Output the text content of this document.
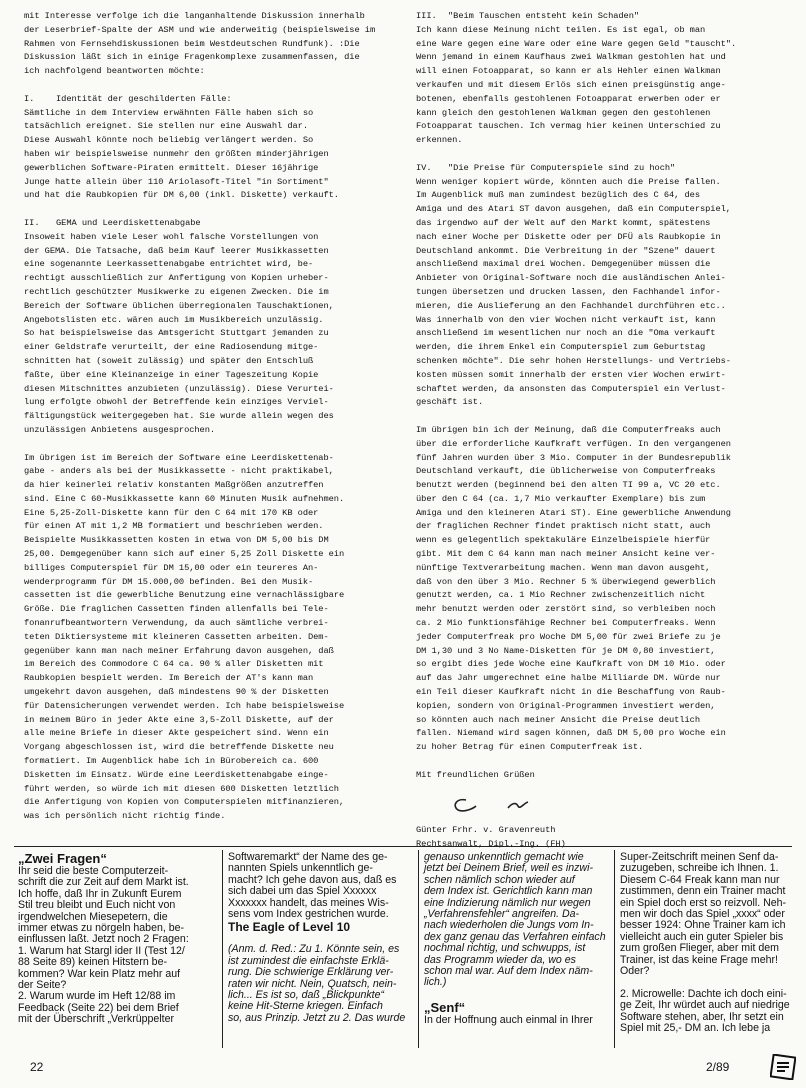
mit Interesse verfolge ich die langanhaltende Diskussion innerhalb
der Leserbrief-Spalte der ASM und wie anderweitig (beispielsweise im
Rahmen von Fernsehdiskussionen beim Westdeutschen Rundfunk). :Die
Diskussion läßt sich in einige Fragenkomplexe zusammenfassen, die
ich nachfolgend beantworten möchte:
I. Identität der geschilderten Fälle:
Sämtliche in dem Interview erwähnten Fälle haben sich so
tatsächlich ereignet. Sie stellen nur eine Auswahl dar.
Diese Auswahl könnte noch beliebig verlängert werden. So
haben wir beispielsweise nunmehr den größten minderjährigen
gewerblichen Software-Piraten ermittelt. Dieser 16jährige
Junge hatte allein über 110 Ariolasoft-Titel "in Sortiment"
und hat die Raubkopien für DM 6,00 (inkl. Diskette) verkauft.
II. GEMA und Leerdiskettenabgabe
Insoweit haben viele Leser wohl falsche Vorstellungen von
der GEMA. Die Tatsache, daß beim Kauf leerer Musikkassetten
eine sogenannte Leerkassettenabgabe entrichtet wird, be-
rechtigt ausschließlich zur Anfertigung von Kopien urheber-
rechtlich geschützter Musikwerke zu eigenen Zwecken. Die im
Bereich der Software üblichen überregionalen Tauschaktionen,
Angebotslisten etc. wären auch im Musikbereich unzulässig.
So hat beispielsweise das Amtsgericht Stuttgart jemanden zu
einer Geldstrafe verurteilt, der eine Radiosendung mitge-
schnitten hat (soweit zulässig) und später den Entschluß
faßte, über eine Kleinanzeige in einer Tageszeitung Kopie
diesen Mitschnittes anzubieten (unzulässig). Diese Verurtei-
lung erfolgte obwohl der Betreffende kein einziges Verviel-
fältigungstück weitergegeben hat. Sie wurde allein wegen des
unzulässigen Anbietens ausgesprochen.
Im übrigen ist im Bereich der Software eine Leerdiskettenab-
gabe - anders als bei der Musikkassette - nicht praktikabel,
da hier keinerlei relativ konstanten Maßgrößen anzutreffen
sind. Eine C 60-Musikkassette kann 60 Minuten Musik aufnehmen.
Eine 5,25-Zoll-Diskette kann für den C 64 mit 170 KB oder
für einen AT mit 1,2 MB formatiert und beschrieben werden.
Beispielte Musikkassetten kosten in etwa von DM 5,00 bis DM
25,00. Demgegenüber kann sich auf einer 5,25 Zoll Diskette ein
billiges Computerspiel für DM 15,00 oder ein teureres An-
wenderprogramm für DM 15.000,00 befinden. Bei den Musik-
cassetten ist die gewerbliche Benutzung eine vernachlässigbare
Größe. Die fraglichen Cassetten finden allenfalls bei Tele-
fonanrufbeantwortern Verwendung, da auch sämtliche verbrei-
teten Diktiersysteme mit kleineren Cassetten arbeiten. Dem-
gegenüber kann man nach meiner Erfahrung davon ausgehen, daß
im Bereich des Commodore C 64 ca. 90 % aller Disketten mit
Raubkopien bespielt werden. Im Bereich der AT's kann man
umgekehrt davon ausgehen, daß mindestens 90 % der Disketten
für Datensicherungen verwendet werden. Ich habe beispielsweise
in meinem Büro in jeder Akte eine 3,5-Zoll Diskette, auf der
alle meine Briefe in dieser Akte gespeichert sind. Wenn ein
Vorgang abgeschlossen ist, wird die betreffende Diskette neu
formatiert. Im Augenblick habe ich in Bürobereich ca. 600
Disketten im Einsatz. Würde eine Leerdiskettenabgabe einge-
führt werden, so würde ich mit diesen 600 Disketten letztlich
die Anfertigung von Kopien von Computerspielen mitfinanzieren,
was ich persönlich nicht richtig finde.
III. "Beim Tauschen entsteht kein Schaden"
Ich kann diese Meinung nicht teilen. Es ist egal, ob man
eine Ware gegen eine Ware oder eine Ware gegen Geld "tauscht".
Wenn jemand in einem Kaufhaus zwei Walkman gestohlen hat und
will einen Fotoapparat, so kann er als Hehler einen Walkman
verkaufen und mit diesem Erlös sich einen preisgünstig ange-
botenen, ebenfalls gestohlenen Fotoapparat erwerben oder er
kann gleich den gestohlenen Walkman gegen den gestohlenen
Fotoapparat tauschen. Ich vermag hier keinen Unterschied zu
erkennen.
IV. "Die Preise für Computerspiele sind zu hoch"
Wenn weniger kopiert würde, könnten auch die Preise fallen.
Im Augenblick muß man zumindest bezüglich des C 64, des
Amiga und des Atari ST davon ausgehen, daß ein Computerspiel,
das irgendwo auf der Welt auf den Markt kommt, spätestens
nach einer Woche per Diskette oder per DFÜ als Raubkopie in
Deutschland ankommt. Die Verbreitung in der "Szene" dauert
anschließend maximal drei Wochen. Demgegenüber müssen die
Anbieter von Original-Software noch die ausländischen Anlei-
tungen übersetzen und drucken lassen, den Fachhandel infor-
mieren, die Auslieferung an den Fachhandel durchführen etc..
Was innerhalb von den vier Wochen nicht verkauft ist, kann
anschließend im wesentlichen nur noch an die "Oma verkauft
werden, die ihrem Enkel ein Computerspiel zum Geburtstag
schenken möchte". Die sehr hohen Herstellungs- und Vertriebs-
kosten müssen somit innerhalb der ersten vier Wochen erwirt-
schaftet werden, da ansonsten das Computerspiel ein Verlust-
geschäft ist.
Im übrigen bin ich der Meinung, daß die Computerfreaks auch
über die erforderliche Kaufkraft verfügen. In den vergangenen
fünf Jahren wurden über 3 Mio. Computer in der Bundesrepublik
Deutschland verkauft, die üblicherweise von Computerfreaks
benutzt werden (beginnend bei den alten TI 99 a, VC 20 etc.
über den C 64 (ca. 1,7 Mio verkaufter Exemplare) bis zum
Amiga und den kleineren Atari ST). Eine gewerbliche Anwendung
der fraglichen Rechner findet praktisch nicht statt, auch
wenn es gelegentlich spektakuläre Einzelbeispiele hierfür
gibt. Mit dem C 64 kann man nach meiner Ansicht keine ver-
nünftige Textverarbeitung machen. Wenn man davon ausgeht,
daß von den über 3 Mio. Rechner 5 % überwiegend gewerblich
genutzt werden, ca. 1 Mio Rechner zwischenzeitlich nicht
mehr benutzt werden oder zerstört sind, so verbleiben noch
ca. 2 Mio funktionsfähige Rechner bei Computerfreaks. Wenn
jeder Computerfreak pro Woche DM 5,00 für zwei Briefe zu je
DM 1,30 und 3 No Name-Disketten für je DM 0,80 investiert,
so ergibt dies jede Woche eine Kaufkraft von DM 10 Mio. oder
auf das Jahr umgerechnet eine halbe Milliarde DM. Würde nur
ein Teil dieser Kaufkraft nicht in die Beschaffung von Raub-
kopien, sondern von Original-Programmen investiert werden,
so könnten auch nach meiner Ansicht die Preise deutlich
fallen. Niemand wird sagen können, daß DM 5,00 pro Woche ein
zu hoher Betrag für einen Computerfreak ist.
Mit freundlichen Grüßen
Günter Frhr. v. Gravenreuth
Rechtsanwalt, Dipl.-Ing. (FH)
„Zwei Fragen“
Ihr seid die beste Computerzeit-
schrift die zur Zeit auf dem Markt ist.
Ich hoffe, daß Ihr in Zukunft Eurem
Stil treu bleibt und Euch nicht von
irgendwelchen Miesepetern, die
immer etwas zu nörgeln haben, be-
einflussen laßt. Jetzt noch 2 Fragen:
1. Warum hat Stargl ider II (Test 12/
88 Seite 89) keinen Hitstern be-
kommen? War kein Platz mehr auf
der Seite?
2. Warum wurde im Heft 12/88 im
Feedback (Seite 22) bei dem Brief
mit der Überschrift „Verkrüppelter
Softwaremarkt“ der Name des ge-
nannten Spiels unkenntlich ge-
macht? Ich gehe davon aus, daß es
sich dabei um das Spiel Xxxxxx
Xxxxxxx handelt, das meines Wis-
sens vom Index gestrichen wurde.
The Eagle of Level 10
(Anm. d. Red.: Zu 1. Könnte sein, es
ist zumindest die einfachste Erklä-
rung. Die schwierige Erklärung ver-
raten wir nicht. Nein, Quatsch, nein-
lich... Es ist so, daß „Blickpunkte“
keine Hit-Sterne kriegen. Einfach
so, aus Prinzip. Jetzt zu 2. Das wurde
genauso unkenntlich gemacht wie
jetzt bei Deinem Brief, weil es inzwi-
schen nämlich schon wieder auf
dem Index ist. Gerichtlich kann man
eine Indizierung nämlich nur wegen
„Verfahrensfehler“ angreifen. Da-
nach wiederholen die Jungs vom In-
dex ganz genau das Verfahren einfach
nochmal richtig, und schwupps, ist
das Programm wieder da, wo es
schon mal war. Auf dem Index näm-
lich.)
„Senf“
In der Hoffnung auch einmal in Ihrer
Super-Zeitschrift meinen Senf da-
zuzugeben, schreibe ich Ihnen. 1.
Diesem C-64 Freak kann man nur
zustimmen, denn ein Trainer macht
ein Spiel doch erst so reizvoll. Neh-
men wir doch das Spiel „xxxx“ oder
besser 1924: Ohne Trainer kam ich
vielleicht auch ein guter Spieler bis
zum großen Flieger, aber mit dem
Trainer, ist das keine Frage mehr!
Oder?

2. Microwelle: Dachte ich doch eini-
ge Zeit, Ihr würdet auch auf niedrige
Software stehen, aber, Ihr setzt ein
Spiel mit 25,- DM an. Ich lebe ja
22	2/89
